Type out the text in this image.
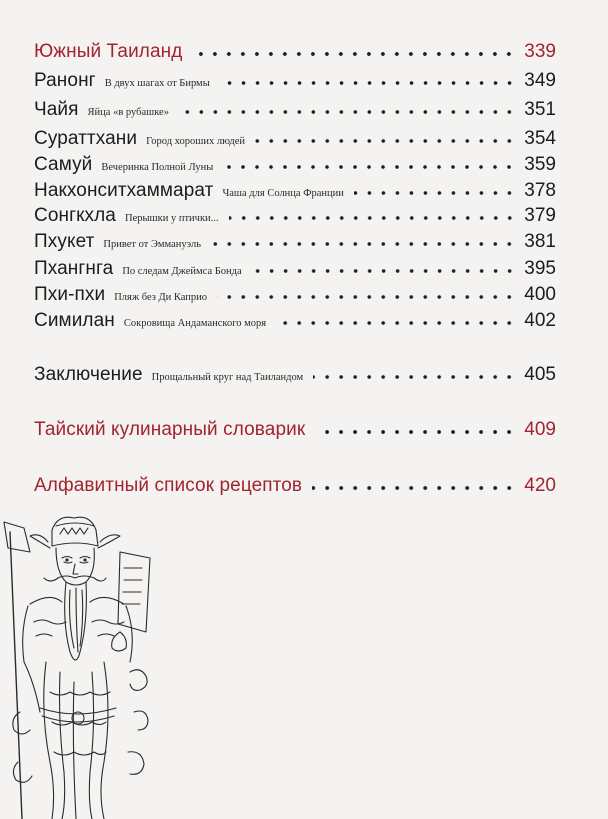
Южный Таиланд	339
Ранонг В двух шагах от Бирмы	349
Чайя Яйца «в рубашке»	351
Сураттхани Город хороших людей	354
Самуй Вечеринка Полной Луны	359
Накхонситхаммарат Чаша для Солнца Франции	378
Сонгкхла Перышки у птички...	379
Пхукет Привет от Эммануэль	381
Пхангнга По следам Джеймса Бонда	395
Пхи-пхи Пляж без Ди Каприо	400
Симилан Сокровища Андаманского моря	402
Заключение Прощальный круг над Таиландом	405
Тайский кулинарный словарик	409
Алфавитный список рецептов	420
